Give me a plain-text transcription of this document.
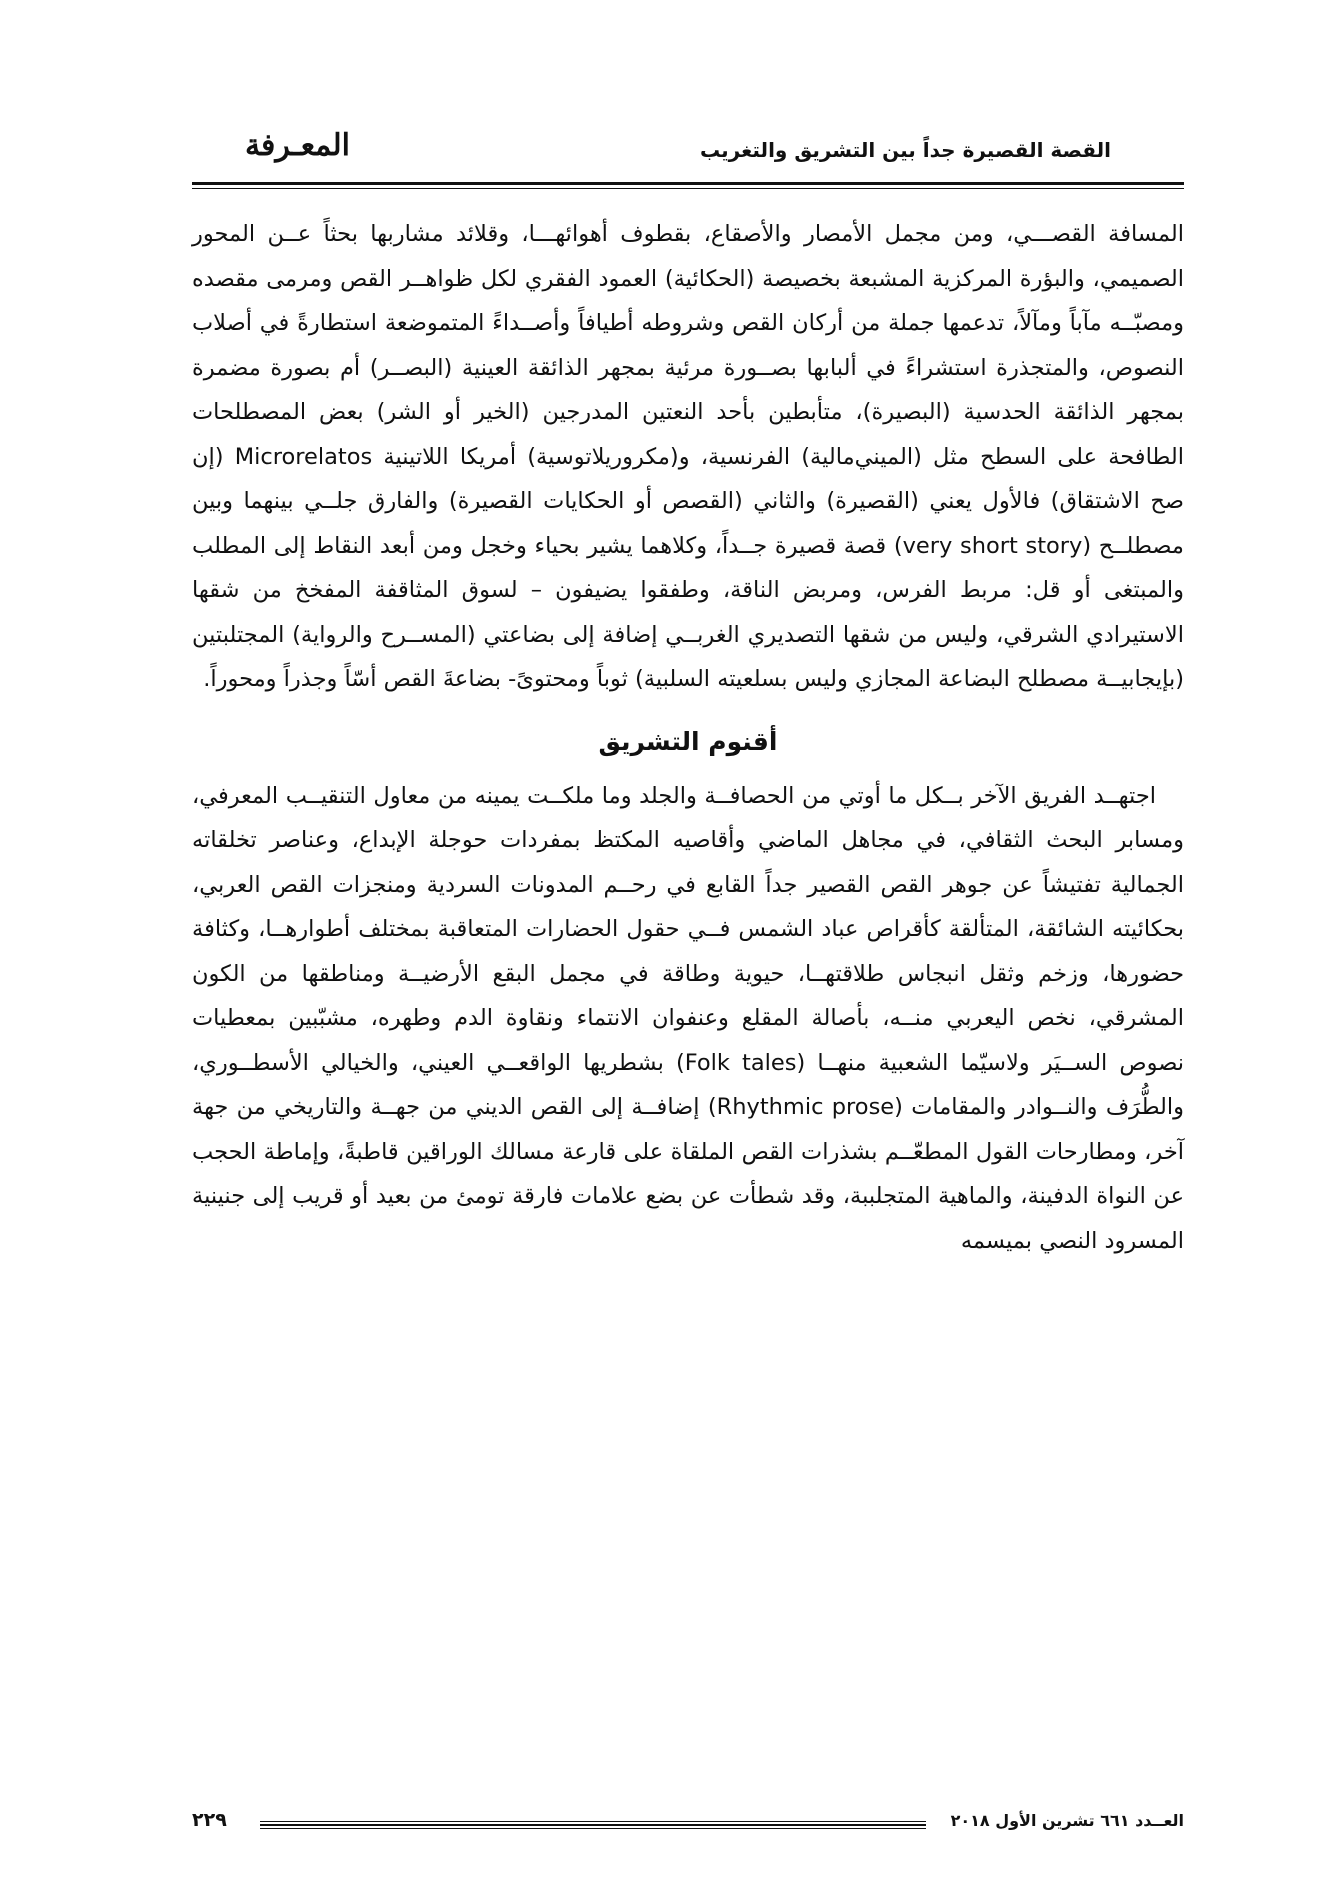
القصة القصيرة جداً بين التشريق والتغريب
المعـرفة

المسافة القصـــي، ومن مجمل الأمصار والأصقاع، بقطوف أهوائهـــا، وقلائد مشاربها بحثاً عــن المحور الصميمي، والبؤرة المركزية المشبعة بخصيصة (الحكائية) العمود الفقري لكل ظواهــر القص ومرمى مقصده ومصبّــه مآباً ومآلاً، تدعمها جملة من أركان القص وشروطه أطيافاً وأصــداءً المتموضعة استطارةً في أصلاب النصوص، والمتجذرة استشراءً في ألبابها بصــورة مرئية بمجهر الذائقة العينية (البصــر) أم بصورة مضمرة بمجهر الذائقة الحدسية (البصيرة)، متأبطين بأحد النعتين المدرجين (الخير أو الشر) بعض المصطلحات الطافحة على السطح مثل (الميني‌مالية) الفرنسية، و(مكروريلاتوسية) أمريكا اللاتينية Microrelatos (إن صح الاشتقاق) فالأول يعني (القصيرة) والثاني (القصص أو الحكايات القصيرة) والفارق جلــي بينهما وبين مصطلــح (very short story) قصة قصيرة جــداً، وكلاهما يشير بحياء وخجل ومن أبعد النقاط إلى المطلب والمبتغى أو قل: مربط الفرس، ومربض الناقة، وطفقوا يضيفون – لسوق المثاقفة المفخخ من شقها الاستيرادي الشرقي، وليس من شقها التصديري الغربــي إضافة إلى بضاعتي (المســرح والرواية) المجتلبتين (بإيجابيــة مصطلح البضاعة المجازي وليس بسلعيته السلبية) ثوباً ومحتوىً- بضاعةَ القص أسّاً وجذراً ومحوراً.

أقنوم التشريق

اجتهــد الفريق الآخر بــكل ما أوتي من الحصافــة والجلد وما ملكــت يمينه من معاول التنقيــب المعرفي، ومسابر البحث الثقافي، في مجاهل الماضي وأقاصيه المكتظ بمفردات حوجلة الإبداع، وعناصر تخلقاته الجمالية تفتيشاً عن جوهر القص القصير جداً القابع في رحــم المدونات السردية ومنجزات القص العربي، بحكائيته الشائقة، المتألقة كأقراص عباد الشمس فــي حقول الحضارات المتعاقبة بمختلف أطوارهــا، وكثافة حضورها، وزخم وثقل انبجاس طلاقتهــا، حيوية وطاقة في مجمل البقع الأرضيــة ومناطقها من الكون المشرقي، نخص اليعربي منــه، بأصالة المقلع وعنفوان الانتماء ونقاوة الدم وطهره، مشبّبين بمعطيات نصوص الســيَر ولاسيّما الشعبية منهــا (Folk tales) بشطريها الواقعــي العيني، والخيالي الأسطــوري، والطُّرَف والنــوادر والمقامات (Rhythmic prose) إضافــة إلى القص الديني من جهــة والتاريخي من جهة آخر، ومطارحات القول المطعّــم بشذرات القص الملقاة على قارعة مسالك الوراقين قاطبةً، وإماطة الحجب عن النواة الدفينة، والماهية المتجلببة، وقد شطأت عن بضع علامات فارقة تومئ من بعيد أو قريب إلى جنينية المسرود النصي بميسمه

العــدد ٦٦١ تشرين الأول ٢٠١٨
٢٢٩
